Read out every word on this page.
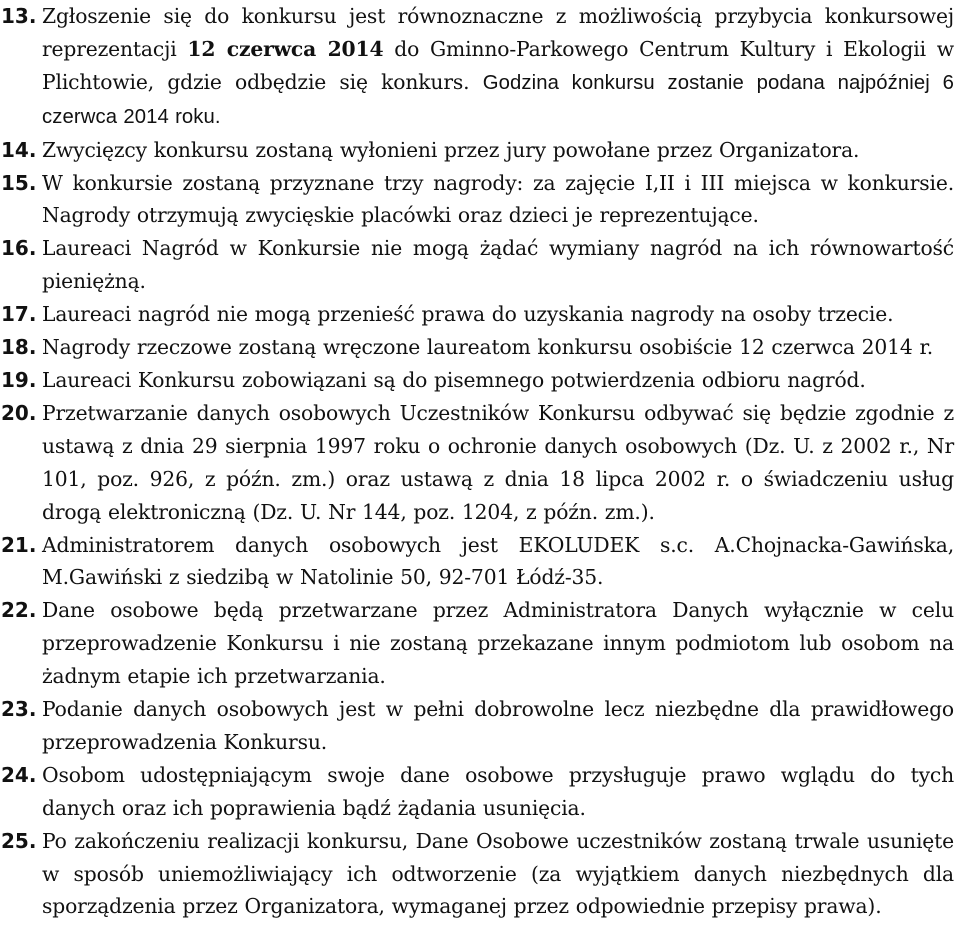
13. Zgłoszenie się do konkursu jest równoznaczne z możliwością przybycia konkursowej reprezentacji 12 czerwca 2014 do Gminno-Parkowego Centrum Kultury i Ekologii w Plichtowie, gdzie odbędzie się konkurs. Godzina konkursu zostanie podana najpóźniej 6 czerwca 2014 roku.
14. Zwycięzcy konkursu zostaną wyłonieni przez jury powołane przez Organizatora.
15. W konkursie zostaną przyznane trzy nagrody: za zajęcie I,II i III miejsca w konkursie. Nagrody otrzymują zwycięskie placówki oraz dzieci je reprezentujące.
16. Laureaci Nagród w Konkursie nie mogą żądać wymiany nagród na ich równowartość pieniężną.
17. Laureaci nagród nie mogą przenieść prawa do uzyskania nagrody na osoby trzecie.
18. Nagrody rzeczowe zostaną wręczone laureatom konkursu osobiście 12 czerwca 2014 r.
19. Laureaci Konkursu zobowiązani są do pisemnego potwierdzenia odbioru nagród.
20. Przetwarzanie danych osobowych Uczestników Konkursu odbywać się będzie zgodnie z ustawą z dnia 29 sierpnia 1997 roku o ochronie danych osobowych (Dz. U. z 2002 r., Nr 101, poz. 926, z późn. zm.) oraz ustawą z dnia 18 lipca 2002 r. o świadczeniu usług drogą elektroniczną (Dz. U. Nr 144, poz. 1204, z późn. zm.).
21. Administratorem danych osobowych jest EKOLUDEK s.c. A.Chojnacka-Gawińska, M.Gawiński z siedzibą w Natolinie 50, 92-701 Łódź-35.
22. Dane osobowe będą przetwarzane przez Administratora Danych wyłącznie w celu przeprowadzenie Konkursu i nie zostaną przekazane innym podmiotom lub osobom na żadnym etapie ich przetwarzania.
23. Podanie danych osobowych jest w pełni dobrowolne lecz niezbędne dla prawidłowego przeprowadzenia Konkursu.
24. Osobom udostępniającym swoje dane osobowe przysługuje prawo wglądu do tych danych oraz ich poprawienia bądź żądania usunięcia.
25. Po zakończeniu realizacji konkursu, Dane Osobowe uczestników zostaną trwale usunięte w sposób uniemożliwiający ich odtworzenie (za wyjątkiem danych niezbędnych dla sporządzenia przez Organizatora, wymaganej przez odpowiednie przepisy prawa).
